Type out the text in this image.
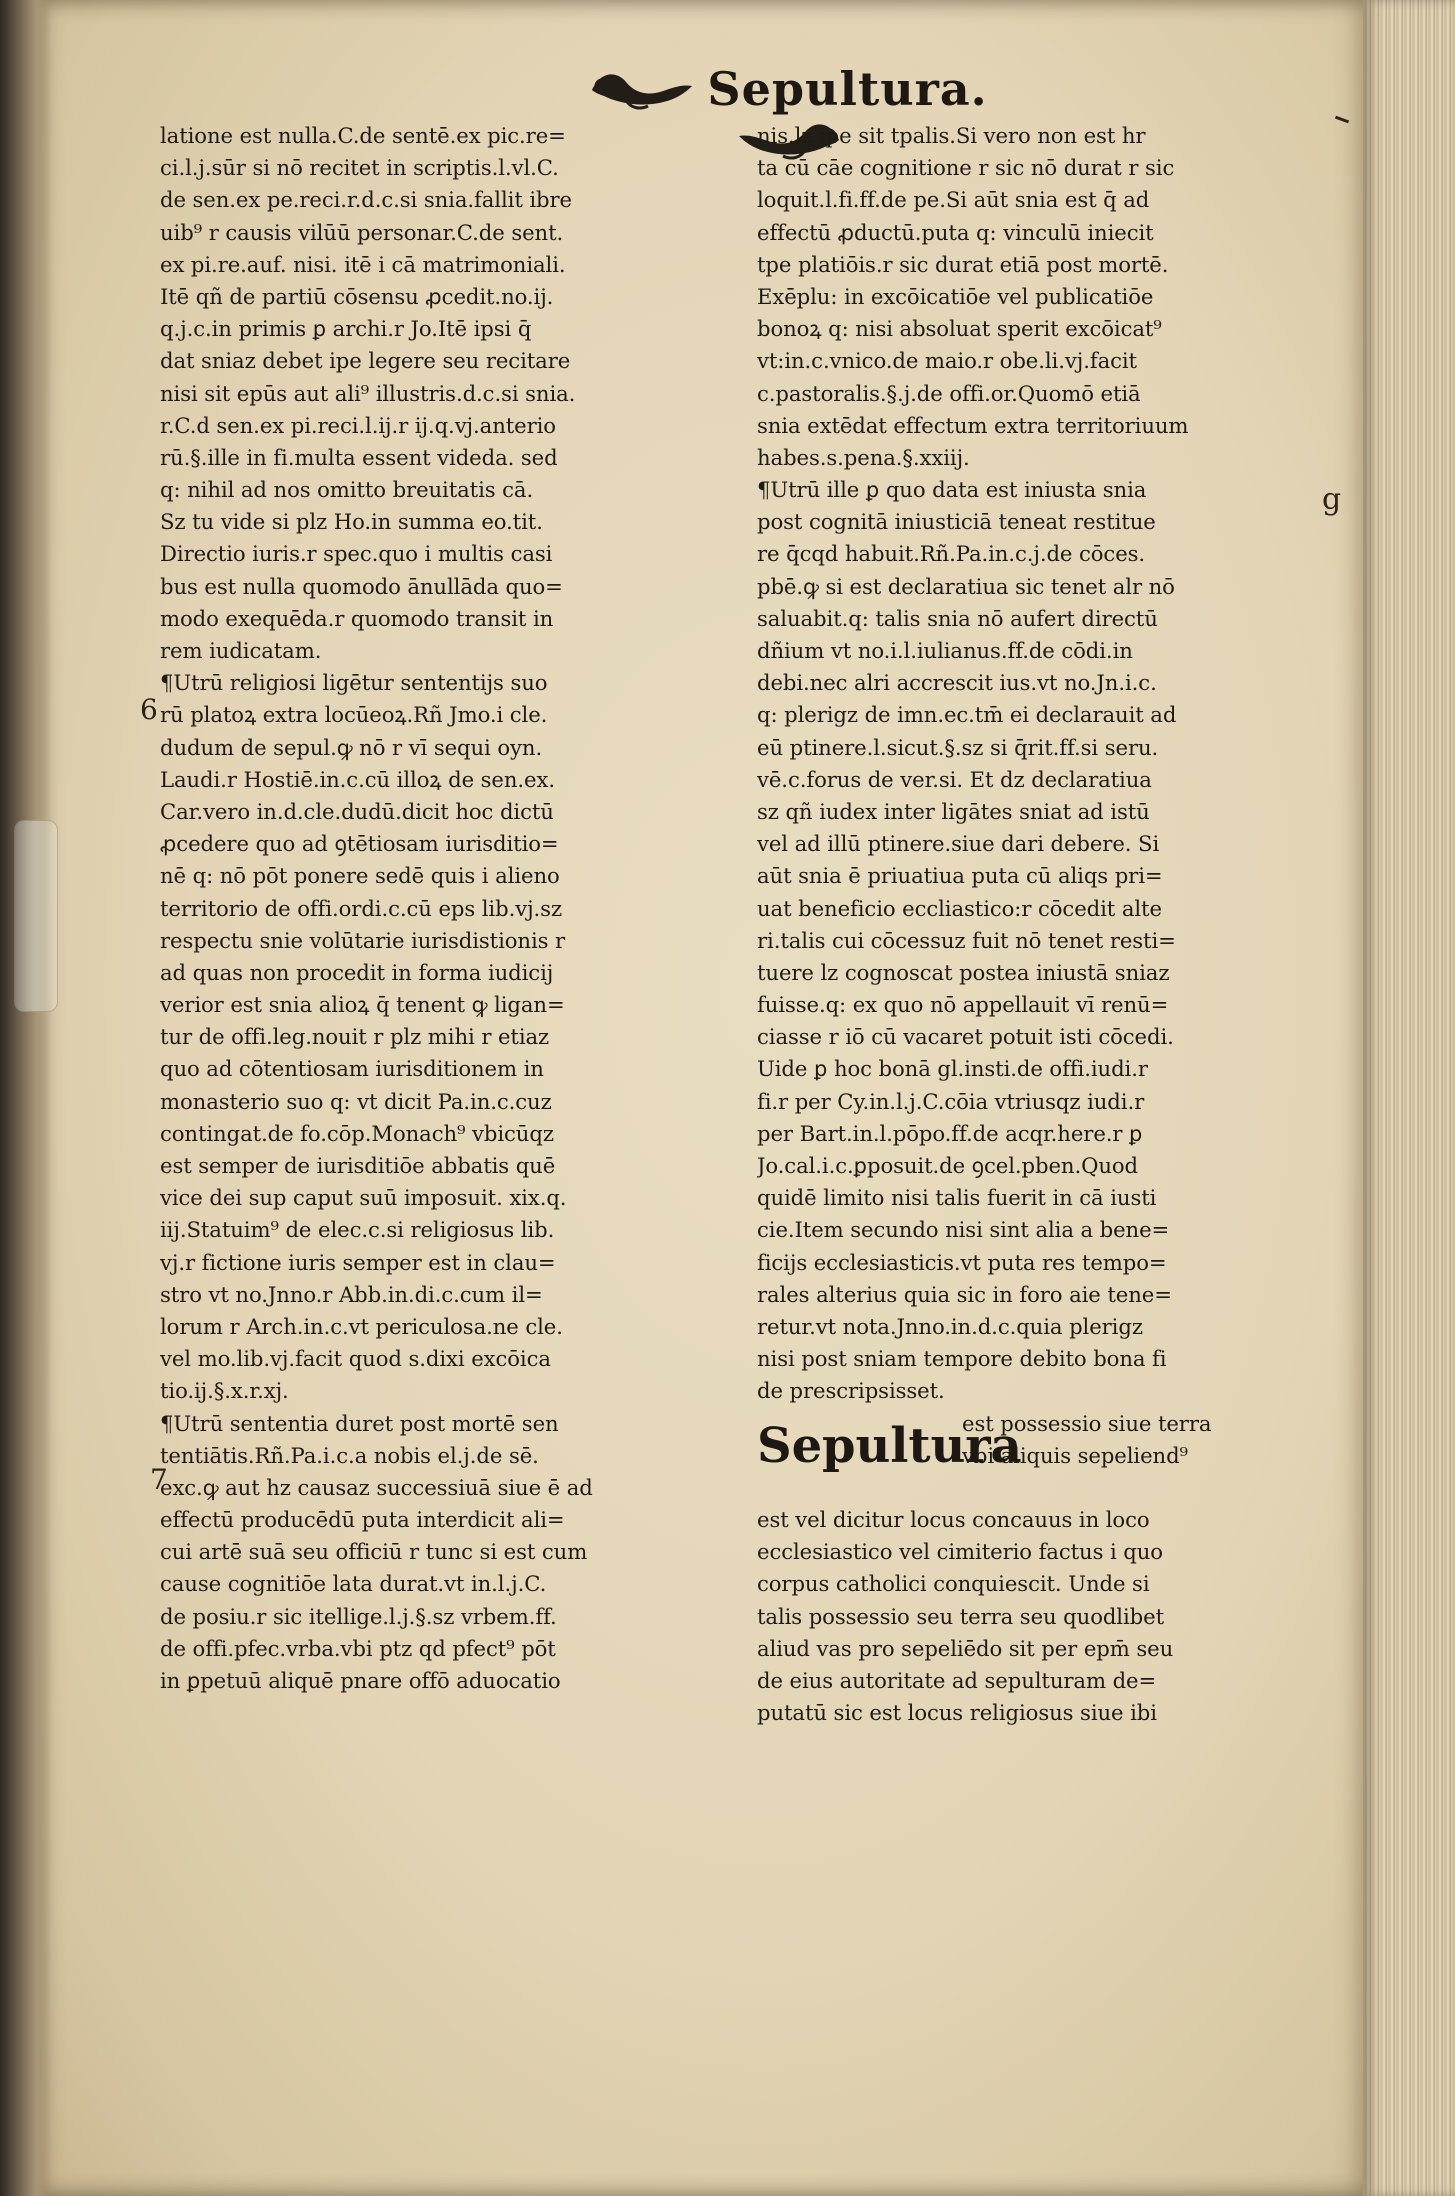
Sepultura.
g
6
7
latione est nulla.C.de sentē.ex pic.re=
ci.l.j.sūr si nō recitet in scriptis.l.vl.C.
de sen.ex pe.reci.r.d.c.si snia.fallit ibre
uib⁹ r causis vilūū personar.C.de sent.
ex pi.re.auf. nisi. itē i cā matrimoniali.
Itē qñ de partiū cōsensu ꝓcedit.no.ij.
q.j.c.in primis ꝑ archi.r Jo.Itē ipsi q̄
dat sniaz debet ipe legere seu recitare
nisi sit epūs aut ali⁹ illustris.d.c.si snia.
r.C.d sen.ex pi.reci.l.ij.r ij.q.vj.anterio
rū.§.ille in fi.multa essent videda. sed
q: nihil ad nos omitto breuitatis cā.
Sz tu vide si plz Ho.in summa eo.tit.
Directio iuris.r spec.quo i multis casi
bus est nulla quomodo ānullāda quo=
modo exequēda.r quomodo transit in
rem iudicatam.
¶Utrū religiosi ligētur sententijs suo
rū platoꝝ extra locūeoꝝ.Rñ Jmo.i cle.
dudum de sepul.ꝙ nō r vī sequi oyn.
Laudi.r Hostiē.in.c.cū illoꝝ de sen.ex.
Car.vero in.d.cle.dudū.dicit hoc dictū
ꝓcedere quo ad ꝯtētiosam iurisditio=
nē q: nō pōt ponere sedē quis i alieno
territorio de offi.ordi.c.cū eps lib.vj.sz
respectu snie volūtarie iurisdistionis r
ad quas non procedit in forma iudicij
verior est snia alioꝝ q̄ tenent ꝙ ligan=
tur de offi.leg.nouit r plz mihi r etiaz
quo ad cōtentiosam iurisditionem in
monasterio suo q: vt dicit Pa.in.c.cuz
contingat.de fo.cōp.Monach⁹ vbicūqz
est semper de iurisditiōe abbatis quē
vice dei sup caput suū imposuit. xix.q.
iij.Statuim⁹ de elec.c.si religiosus lib.
vj.r fictione iuris semper est in clau=
stro vt no.Jnno.r Abb.in.di.c.cum il=
lorum r Arch.in.c.vt periculosa.ne cle.
vel mo.lib.vj.facit quod s.dixi excōica
tio.ij.§.x.r.xj.
¶Utrū sententia duret post mortē sen
tentiātis.Rñ.Pa.i.c.a nobis el.j.de sē.
exc.ꝙ aut hz causaz successiuā siue ē ad
effectū producēdū puta interdicit ali=
cui artē suā seu officiū r tunc si est cum
cause cognitiōe lata durat.vt in.l.j.C.
de posiu.r sic itellige.l.j.§.sz vrbem.ff.
de offi.pfec.vrba.vbi ptz qd pfect⁹ pōt
in ꝑpetuū aliquē pnare offō aduocatio
nis.lz ipe sit tpalis.Si vero non est hr
ta cū cāe cognitione r sic nō durat r sic
loquit.l.fi.ff.de pe.Si aūt snia est q̄ ad
effectū ꝓductū.puta q: vinculū iniecit
tpe platiōis.r sic durat etiā post mortē.
Exēplu: in excōicatiōe vel publicatiōe
bonoꝝ q: nisi absoluat sperit excōicat⁹
vt:in.c.vnico.de maio.r obe.li.vj.facit
c.pastoralis.§.j.de offi.or.Quomō etiā
snia extēdat effectum extra territoriuum
habes.s.pena.§.xxiij.
¶Utrū ille ꝑ quo data est iniusta snia
post cognitā iniusticiā teneat restitue
re q̄cqd habuit.Rñ.Pa.in.c.j.de cōces.
pbē.ꝙ si est declaratiua sic tenet alr nō
saluabit.q: talis snia nō aufert directū
dñium vt no.i.l.iulianus.ff.de cōdi.in
debi.nec alri accrescit ius.vt no.Jn.i.c.
q: plerigz de imn.ec.tm̄ ei declarauit ad
eū ptinere.l.sicut.§.sz si q̄rit.ff.si seru.
vē.c.forus de ver.si. Et dz declaratiua
sz qñ iudex inter ligātes sniat ad istū
vel ad illū ptinere.siue dari debere. Si
aūt snia ē priuatiua puta cū aliqs pri=
uat beneficio eccliastico:r cōcedit alte
ri.talis cui cōcessuz fuit nō tenet resti=
tuere lz cognoscat postea iniustā sniaz
fuisse.q: ex quo nō appellauit vī renū=
ciasse r iō cū vacaret potuit isti cōcedi.
Uide ꝑ hoc bonā gl.insti.de offi.iudi.r
fi.r per Cy.in.l.j.C.cōia vtriusqz iudi.r
per Bart.in.l.pōpo.ff.de acqr.here.r ꝑ
Jo.cal.i.c.ꝑposuit.de ꝯcel.pben.Quod
quidē limito nisi talis fuerit in cā iusti
cie.Item secundo nisi sint alia a bene=
ficijs ecclesiasticis.vt puta res tempo=
rales alterius quia sic in foro aie tene=
retur.vt nota.Jnno.in.d.c.quia plerigz
nisi post sniam tempore debito bona fi
de prescripsisset.
Sepultura
est possessio siue terra
vbi aliquis sepeliend⁹
est vel dicitur locus concauus in loco
ecclesiastico vel cimiterio factus i quo
corpus catholici conquiescit. Unde si
talis possessio seu terra seu quodlibet
aliud vas pro sepeliēdo sit per epm̄ seu
de eius autoritate ad sepulturam de=
putatū sic est locus religiosus siue ibi
